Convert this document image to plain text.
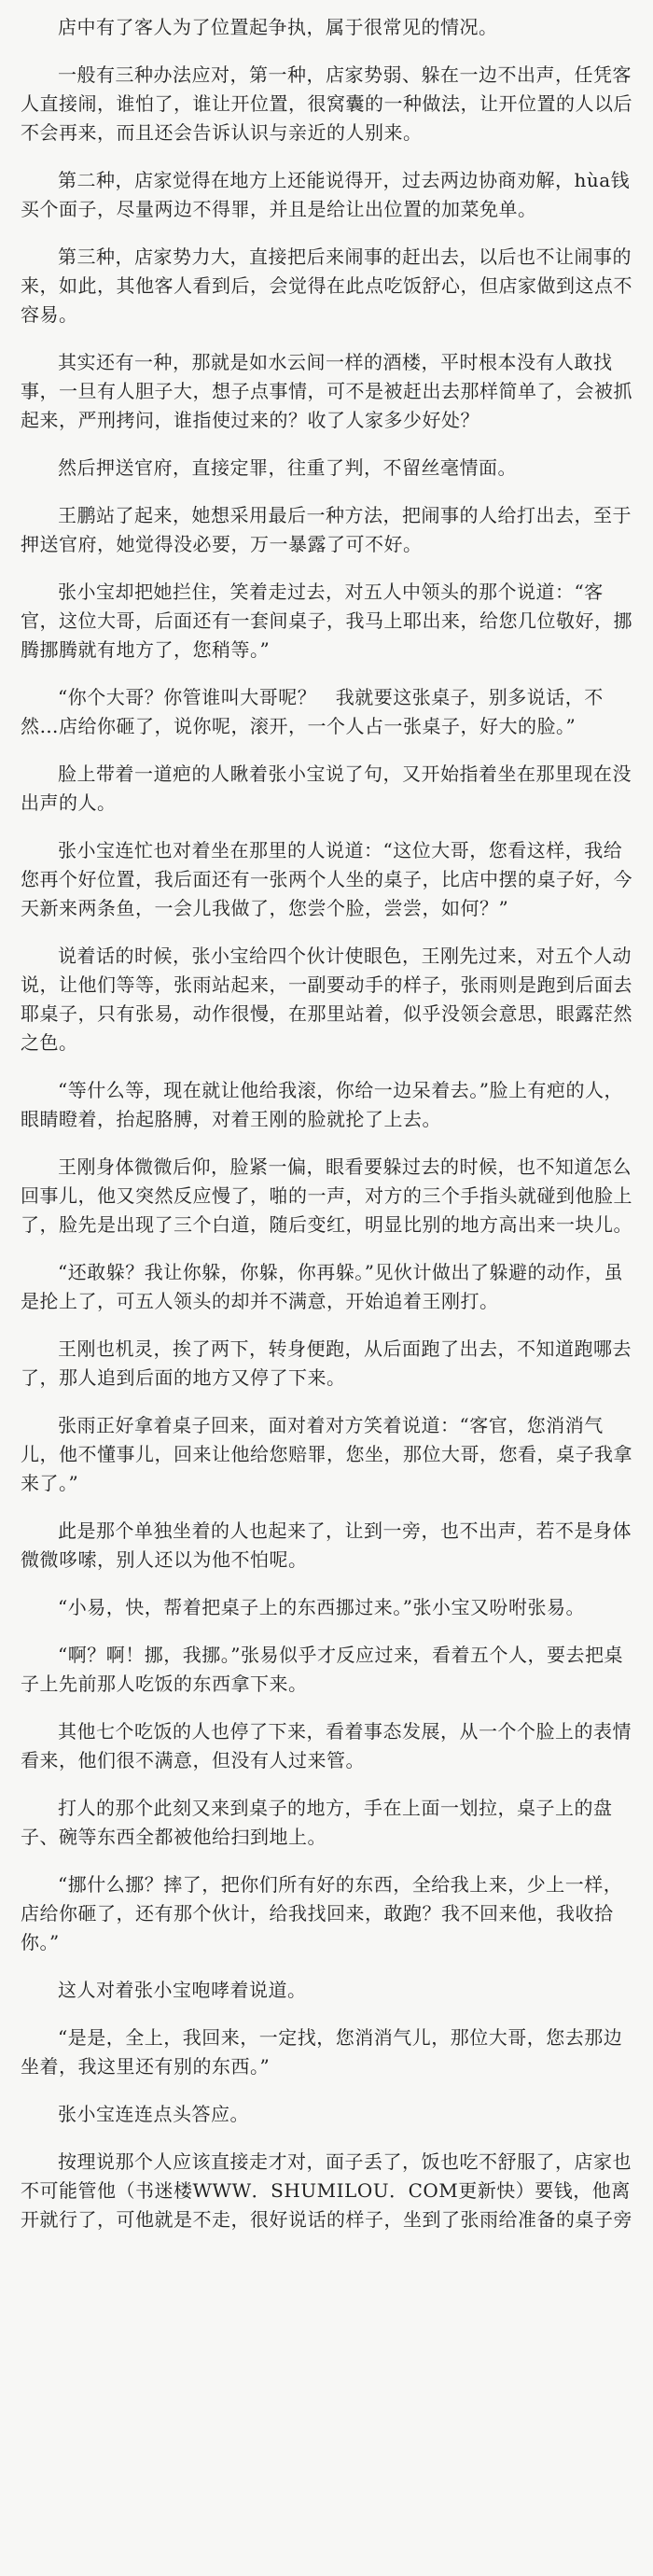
店中有了客人为了位置起争执，属于很常见的情况。

一般有三种办法应对，第一种，店家势弱、躲在一边不出声，任凭客人直接闹，谁怕了，谁让开位置，很窝囊的一种做法，让开位置的人以后不会再来，而且还会告诉认识与亲近的人别来。

第二种，店家觉得在地方上还能说得开，过去两边协商劝解，hùa钱买个面子，尽量两边不得罪，并且是给让出位置的加菜免单。

第三种，店家势力大，直接把后来闹事的赶出去，以后也不让闹事的来，如此，其他客人看到后，会觉得在此点吃饭舒心，但店家做到这点不容易。

其实还有一种，那就是如水云间一样的酒楼，平时根本没有人敢找事，一旦有人胆子大，想子点事情，可不是被赶出去那样简单了，会被抓起来，严刑拷问，谁指使过来的？收了人家多少好处？

然后押送官府，直接定罪，往重了判，不留丝毫情面。

王鹏站了起来，她想采用最后一种方法，把闹事的人给打出去，至于押送官府，她觉得没必要，万一暴露了可不好。

张小宝却把她拦住，笑着走过去，对五人中领头的那个说道：“客官，这位大哥，后面还有一套间桌子，我马上耶出来，给您几位敬好，挪腾挪腾就有地方了，您稍等。”

“你个大哥？你管谁叫大哥呢？　我就要这张桌子，别多说话，不然…店给你砸了，说你呢，滚开，一个人占一张桌子，好大的脸。”

脸上带着一道疤的人瞅着张小宝说了句，又开始指着坐在那里现在没出声的人。

张小宝连忙也对着坐在那里的人说道：“这位大哥，您看这样，我给您再个好位置，我后面还有一张两个人坐的桌子，比店中摆的桌子好，今天新来两条鱼，一会儿我做了，您尝个脸，尝尝，如何？”

说着话的时候，张小宝给四个伙计使眼色，王刚先过来，对五个人动说，让他们等等，张雨站起来，一副要动手的样子，张雨则是跑到后面去耶桌子，只有张易，动作很慢，在那里站着，似乎没领会意思，眼露茫然之色。

“等什么等，现在就让他给我滚，你给一边呆着去。”脸上有疤的人，眼睛瞪着，抬起胳膊，对着王刚的脸就抡了上去。

王刚身体微微后仰，脸紧一偏，眼看要躲过去的时候，也不知道怎么回事儿，他又突然反应慢了，啪的一声，对方的三个手指头就碰到他脸上了，脸先是出现了三个白道，随后变红，明显比别的地方高出来一块儿。

“还敢躲？我让你躲，你躲，你再躲。”见伙计做出了躲避的动作，虽是抡上了，可五人领头的却并不满意，开始追着王刚打。

王刚也机灵，挨了两下，转身便跑，从后面跑了出去，不知道跑哪去了，那人追到后面的地方又停了下来。

张雨正好拿着桌子回来，面对着对方笑着说道：“客官，您消消气儿，他不懂事儿，回来让他给您赔罪，您坐，那位大哥，您看，桌子我拿来了。”

此是那个单独坐着的人也起来了，让到一旁，也不出声，若不是身体微微哆嗦，别人还以为他不怕呢。

“小易，快，帮着把桌子上的东西挪过来。”张小宝又吩咐张易。

“啊？啊！挪，我挪。”张易似乎才反应过来，看着五个人，要去把桌子上先前那人吃饭的东西拿下来。

其他七个吃饭的人也停了下来，看着事态发展，从一个个脸上的表情看来，他们很不满意，但没有人过来管。

打人的那个此刻又来到桌子的地方，手在上面一划拉，桌子上的盘子、碗等东西全都被他给扫到地上。

“挪什么挪？摔了，把你们所有好的东西，全给我上来，少上一样，店给你砸了，还有那个伙计，给我找回来，敢跑？我不回来他，我收拾你。”

这人对着张小宝咆哮着说道。

“是是，全上，我回来，一定找，您消消气儿，那位大哥，您去那边坐着，我这里还有别的东西。”

张小宝连连点头答应。

按理说那个人应该直接走才对，面子丢了，饭也吃不舒服了，店家也不可能管他（书迷楼WWW．SHUMILOU．COM更新快）要钱，他离开就行了，可他就是不走，很好说话的样子，坐到了张雨给准备的桌子旁
